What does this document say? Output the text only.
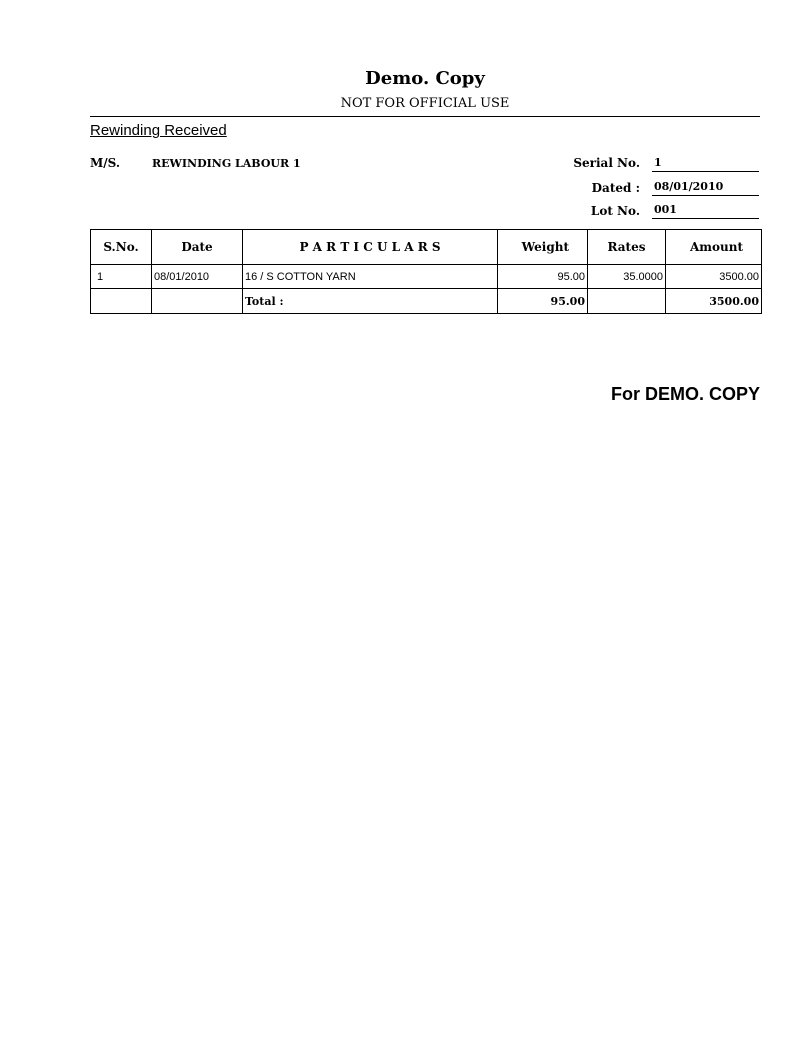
Demo. Copy
NOT FOR OFFICIAL USE
Rewinding Received
M/S.	REWINDING LABOUR 1	Serial No. 1
Dated : 08/01/2010
Lot No. 001
S.No.	Date	P A R T I C U L A R S	Weight	Rates	Amount
1	08/01/2010	16 / S COTTON YARN	95.00	35.0000	3500.00
		Total :	95.00		3500.00
For DEMO. COPY
